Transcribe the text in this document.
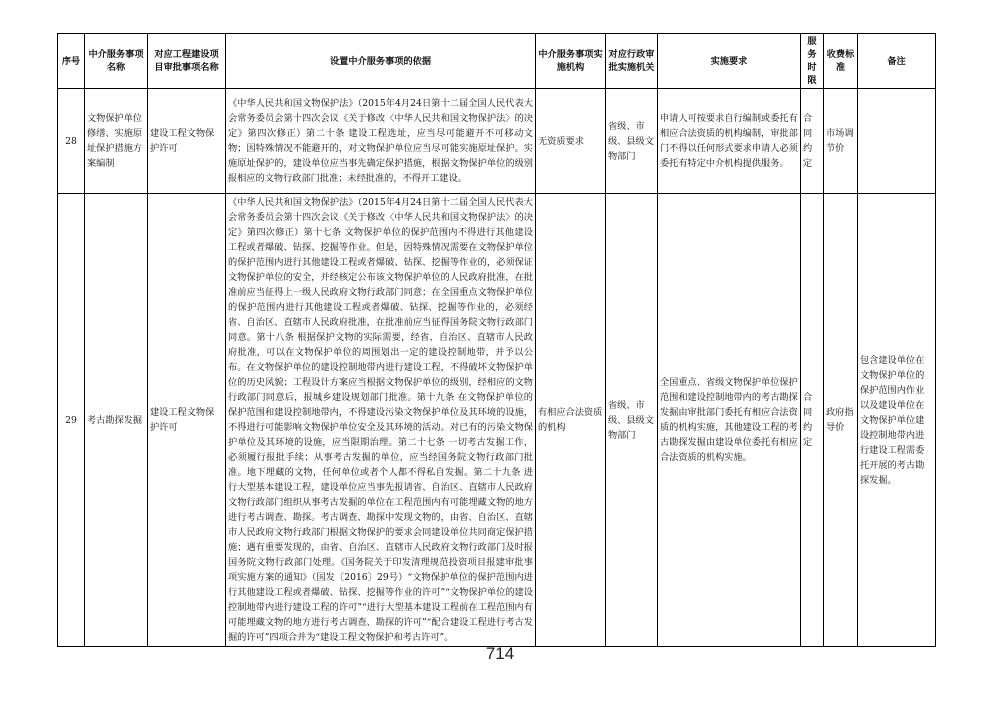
序号	中介服务事项名称	对应工程建设项目审批事项名称	设置中介服务事项的依据	中介服务事项实施机构	对应行政审批实施机关	实施要求	服务时限	收费标准	备注
28	文物保护单位修缮、实施原址保护措施方案编制	建设工程文物保护许可	《中华人民共和国文物保护法》（2015年4月24日第十二届全国人民代表大会常务委员会第十四次会议《关于修改〈中华人民共和国文物保护法〉的决定》第四次修正）第二十条 建设工程选址，应当尽可能避开不可移动文物；因特殊情况不能避开的，对文物保护单位应当尽可能实施原址保护。实施原址保护的，建设单位应当事先确定保护措施，根据文物保护单位的级别报相应的文物行政部门批准；未经批准的，不得开工建设。	无资质要求	省级、市级、县级文物部门	申请人可按要求自行编制或委托有相应合法资质的机构编制，审批部门不得以任何形式要求申请人必须委托有特定中介机构提供服务。	合同约定	市场调节价	
29	考古勘探发掘	建设工程文物保护许可	《中华人民共和国文物保护法》（2015年4月24日第十二届全国人民代表大会常务委员会第十四次会议《关于修改〈中华人民共和国文物保护法〉的决定》第四次修正）第十七条 文物保护单位的保护范围内不得进行其他建设工程或者爆破、钻探、挖掘等作业。但是，因特殊情况需要在文物保护单位的保护范围内进行其他建设工程或者爆破、钻探、挖掘等作业的，必须保证文物保护单位的安全，并经核定公布该文物保护单位的人民政府批准，在批准前应当征得上一级人民政府文物行政部门同意；在全国重点文物保护单位的保护范围内进行其他建设工程或者爆破、钻探、挖掘等作业的，必须经省、自治区、直辖市人民政府批准，在批准前应当征得国务院文物行政部门同意。第十八条 根据保护文物的实际需要，经省、自治区、直辖市人民政府批准，可以在文物保护单位的周围划出一定的建设控制地带，并予以公布。在文物保护单位的建设控制地带内进行建设工程，不得破坏文物保护单位的历史风貌；工程设计方案应当根据文物保护单位的级别，经相应的文物行政部门同意后，报城乡建设规划部门批准。第十九条 在文物保护单位的保护范围和建设控制地带内，不得建设污染文物保护单位及其环境的设施，不得进行可能影响文物保护单位安全及其环境的活动。对已有的污染文物保护单位及其环境的设施，应当限期治理。第二十七条 一切考古发掘工作，必须履行报批手续；从事考古发掘的单位，应当经国务院文物行政部门批准。地下埋藏的文物，任何单位或者个人都不得私自发掘。第二十九条 进行大型基本建设工程，建设单位应当事先报请省、自治区、直辖市人民政府文物行政部门组织从事考古发掘的单位在工程范围内有可能埋藏文物的地方进行考古调查、勘探。考古调查、勘探中发现文物的，由省、自治区、直辖市人民政府文物行政部门根据文物保护的要求会同建设单位共同商定保护措施；遇有重要发现的，由省、自治区、直辖市人民政府文物行政部门及时报国务院文物行政部门处理。《国务院关于印发清理规范投资项目报建审批事项实施方案的通知》（国发〔2016〕29号）“文物保护单位的保护范围内进行其他建设工程或者爆破、钻探、挖掘等作业的许可”“文物保护单位的建设控制地带内进行建设工程的许可”“进行大型基本建设工程前在工程范围内有可能埋藏文物的地方进行考古调查、勘探的许可”“配合建设工程进行考古发掘的许可”四项合并为“建设工程文物保护和考古许可”。	有相应合法资质的机构	省级、市级、县级文物部门	全国重点、省级文物保护单位保护范围和建设控制地带内的考古勘探发掘由审批部门委托有相应合法资质的机构实施，其他建设工程的考古勘探发掘由建设单位委托有相应合法资质的机构实施。	合同约定	政府指导价	包含建设单位在文物保护单位的保护范围内作业以及建设单位在文物保护单位建设控制地带内进行建设工程需委托开展的考古勘探发掘。
714
